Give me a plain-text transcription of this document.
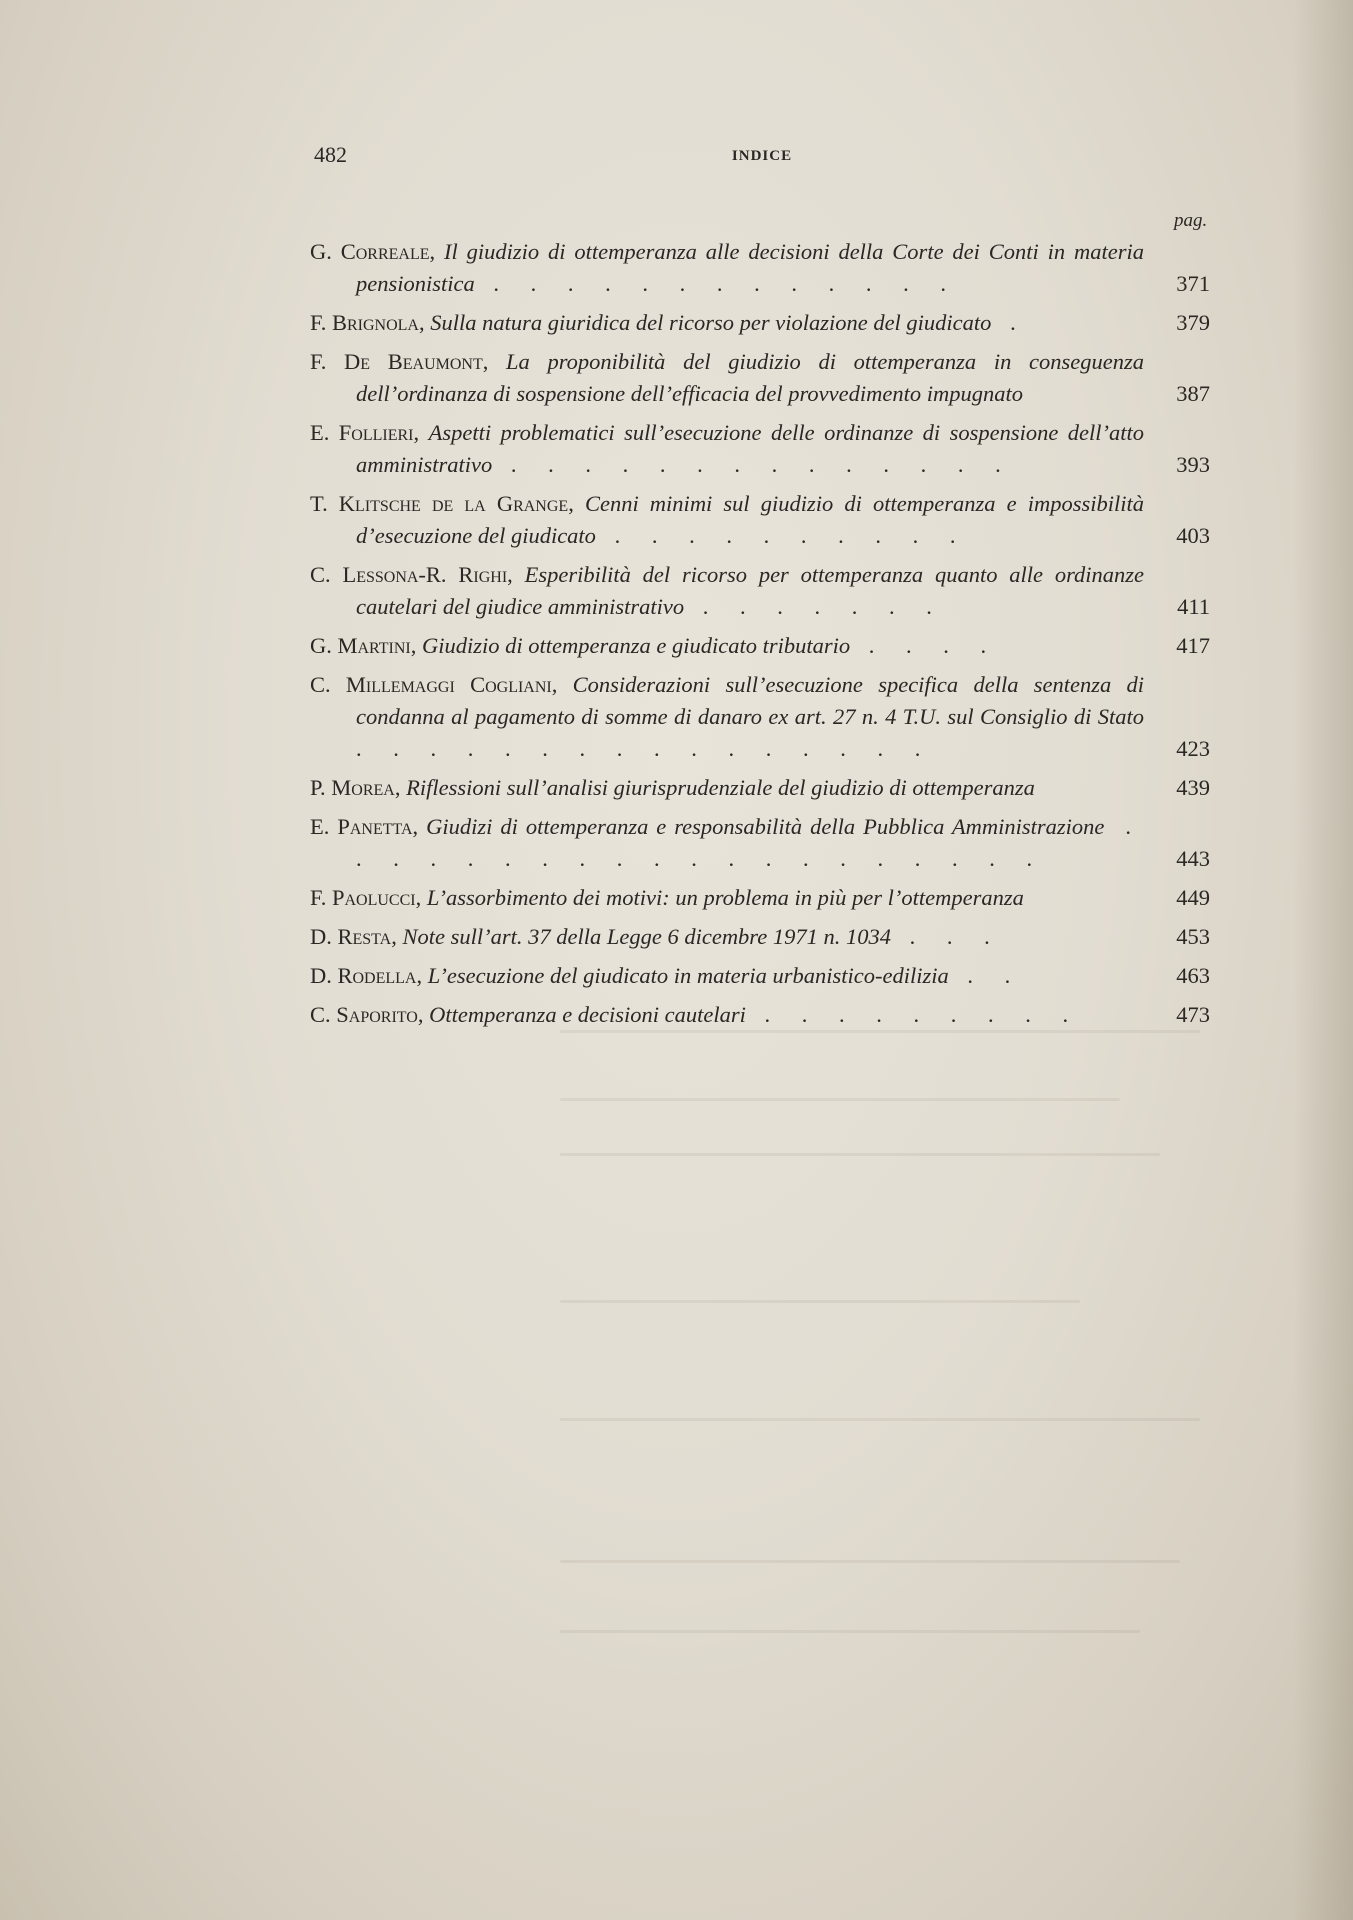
482	INDICE
pag.
G. Correale, Il giudizio di ottemperanza alle decisioni della Corte dei Conti in materia pensionistica . . . . . . . . . . . . .	371
F. Brignola, Sulla natura giuridica del ricorso per violazione del giudicato .	379
F. De Beaumont, La proponibilità del giudizio di ottemperanza in conseguenza dell’ordinanza di sospensione dell’efficacia del provvedimento impugnato	387
E. Follieri, Aspetti problematici sull’esecuzione delle ordinanze di sospensione dell’atto amministrativo . . . . . . . . . . . . . .	393
T. Klitsche de la Grange, Cenni minimi sul giudizio di ottemperanza e impossibilità d’esecuzione del giudicato . . . . . . . . . .	403
C. Lessona-R. Righi, Esperibilità del ricorso per ottemperanza quanto alle ordinanze cautelari del giudice amministrativo . . . . . . .	411
G. Martini, Giudizio di ottemperanza e giudicato tributario . . . .	417
C. Millemaggi Cogliani, Considerazioni sull’esecuzione specifica della sentenza di condanna al pagamento di somme di danaro ex art. 27 n. 4 T.U. sul Consiglio di Stato . . . . . . . . . . . . . . . .	423
P. Morea, Riflessioni sull’analisi giurisprudenziale del giudizio di ottemperanza	439
E. Panetta, Giudizi di ottemperanza e responsabilità della Pubblica Amministrazione . . . . . . . . . . . . . . . . . . . .	443
F. Paolucci, L’assorbimento dei motivi: un problema in più per l’ottemperanza	449
D. Resta, Note sull’art. 37 della Legge 6 dicembre 1971 n. 1034 . . .	453
D. Rodella, L’esecuzione del giudicato in materia urbanistico-edilizia . .	463
C. Saporito, Ottemperanza e decisioni cautelari . . . . . . . . .	473
